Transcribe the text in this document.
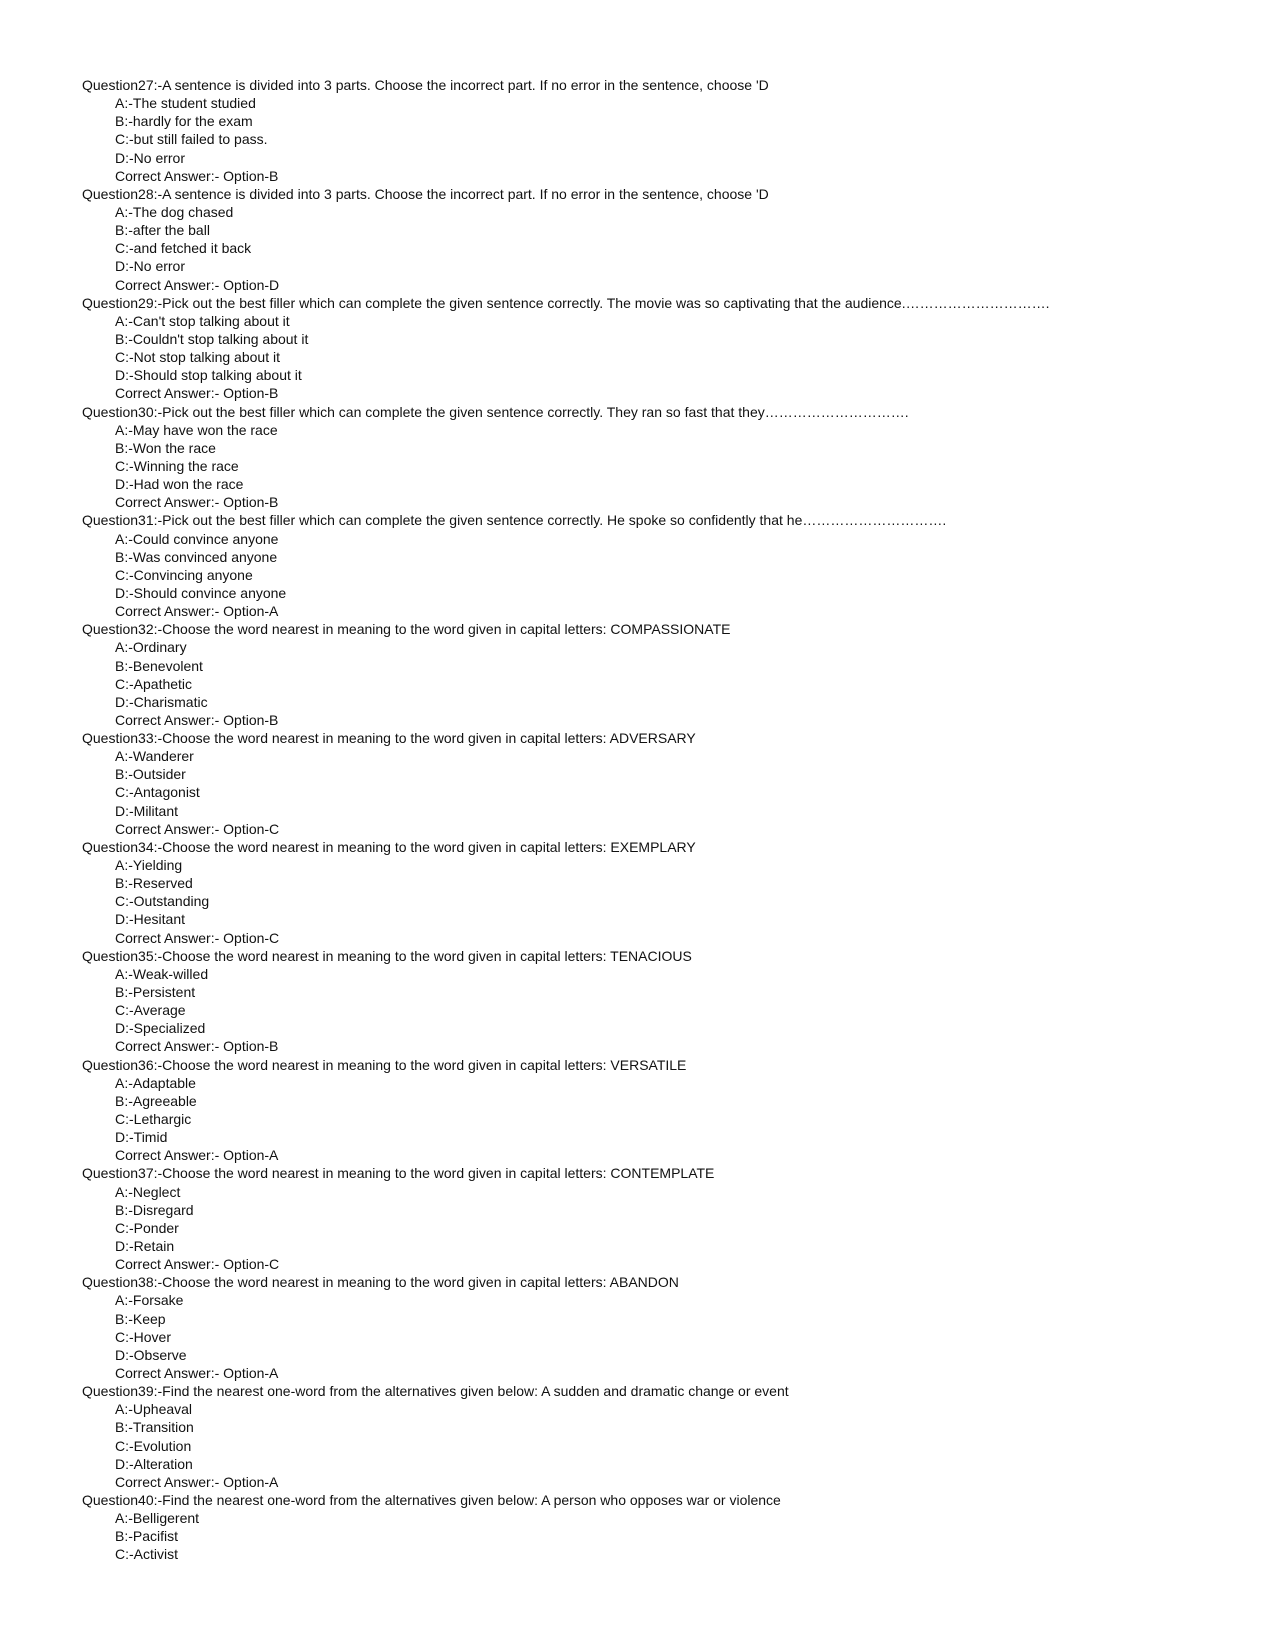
Question27:-A sentence is divided into 3 parts. Choose the incorrect part. If no error in the sentence, choose 'D
A:-The student studied
B:-hardly for the exam
C:-but still failed to pass.
D:-No error
Correct Answer:- Option-B
Question28:-A sentence is divided into 3 parts. Choose the incorrect part. If no error in the sentence, choose 'D
A:-The dog chased
B:-after the ball
C:-and fetched it back
D:-No error
Correct Answer:- Option-D
Question29:-Pick out the best filler which can complete the given sentence correctly. The movie was so captivating that the audience.………………………….
A:-Can't stop talking about it
B:-Couldn't stop talking about it
C:-Not stop talking about it
D:-Should stop talking about it
Correct Answer:- Option-B
Question30:-Pick out the best filler which can complete the given sentence correctly. They ran so fast that they………………………….
A:-May have won the race
B:-Won the race
C:-Winning the race
D:-Had won the race
Correct Answer:- Option-B
Question31:-Pick out the best filler which can complete the given sentence correctly. He spoke so confidently that he………………………….
A:-Could convince anyone
B:-Was convinced anyone
C:-Convincing anyone
D:-Should convince anyone
Correct Answer:- Option-A
Question32:-Choose the word nearest in meaning to the word given in capital letters: COMPASSIONATE
A:-Ordinary
B:-Benevolent
C:-Apathetic
D:-Charismatic
Correct Answer:- Option-B
Question33:-Choose the word nearest in meaning to the word given in capital letters: ADVERSARY
A:-Wanderer
B:-Outsider
C:-Antagonist
D:-Militant
Correct Answer:- Option-C
Question34:-Choose the word nearest in meaning to the word given in capital letters: EXEMPLARY
A:-Yielding
B:-Reserved
C:-Outstanding
D:-Hesitant
Correct Answer:- Option-C
Question35:-Choose the word nearest in meaning to the word given in capital letters: TENACIOUS
A:-Weak-willed
B:-Persistent
C:-Average
D:-Specialized
Correct Answer:- Option-B
Question36:-Choose the word nearest in meaning to the word given in capital letters: VERSATILE
A:-Adaptable
B:-Agreeable
C:-Lethargic
D:-Timid
Correct Answer:- Option-A
Question37:-Choose the word nearest in meaning to the word given in capital letters: CONTEMPLATE
A:-Neglect
B:-Disregard
C:-Ponder
D:-Retain
Correct Answer:- Option-C
Question38:-Choose the word nearest in meaning to the word given in capital letters: ABANDON
A:-Forsake
B:-Keep
C:-Hover
D:-Observe
Correct Answer:- Option-A
Question39:-Find the nearest one-word from the alternatives given below: A sudden and dramatic change or event
A:-Upheaval
B:-Transition
C:-Evolution
D:-Alteration
Correct Answer:- Option-A
Question40:-Find the nearest one-word from the alternatives given below: A person who opposes war or violence
A:-Belligerent
B:-Pacifist
C:-Activist
